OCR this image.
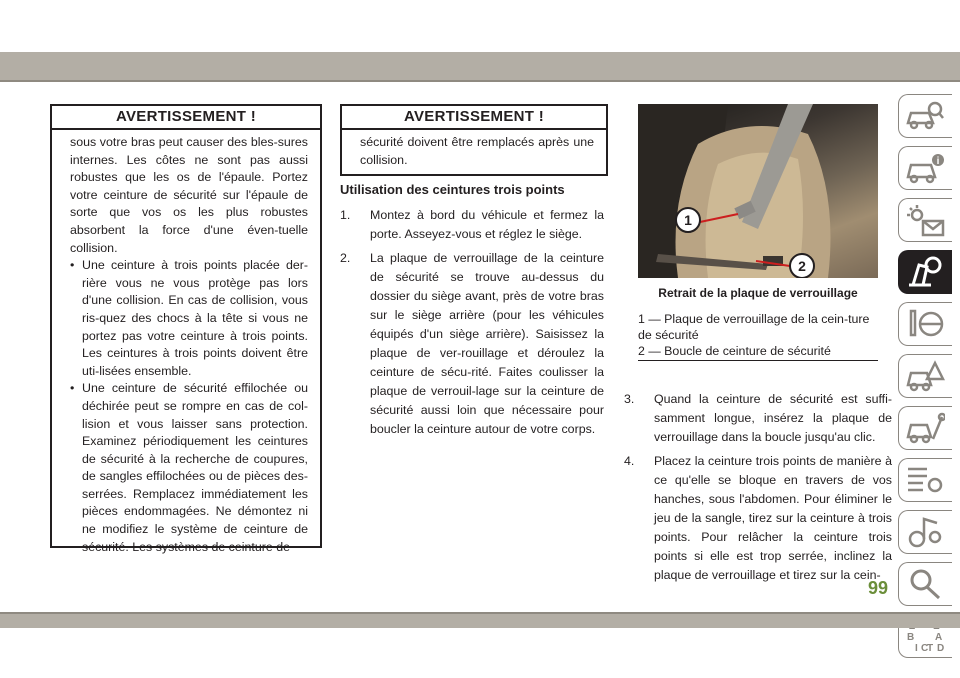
AVERTISSEMENT !

sous votre bras peut causer des bles-sures internes. Les côtes ne sont pas aussi robustes que les os de l'épaule. Portez votre ceinture de sécurité sur l'épaule de sorte que vos os les plus robustes absorbent la force d'une éven-tuelle collision.

• Une ceinture à trois points placée der-rière vous ne vous protège pas lors d'une collision. En cas de collision, vous ris-quez des chocs à la tête si vous ne portez pas votre ceinture à trois points. Les ceintures à trois points doivent être uti-lisées ensemble.
• Une ceinture de sécurité effilochée ou déchirée peut se rompre en cas de col-lision et vous laisser sans protection. Examinez périodiquement les ceintures de sécurité à la recherche de coupures, de sangles effilochées ou de pièces des-serrées. Remplacez immédiatement les pièces endommagées. Ne démontez ni ne modifiez le système de ceinture de sécurité. Les systèmes de ceinture de
AVERTISSEMENT !

sécurité doivent être remplacés après une collision.

Utilisation des ceintures trois points
1. Montez à bord du véhicule et fermez la porte. Asseyez-vous et réglez le siège.
2. La plaque de verrouillage de la ceinture de sécurité se trouve au-dessus du dossier du siège avant, près de votre bras sur le siège arrière (pour les véhicules équipés d'un siège arrière). Saisissez la plaque de ver-rouillage et déroulez la ceinture de sécu-rité. Faites coulisser la plaque de verrouil-lage sur la ceinture de sécurité aussi loin que nécessaire pour boucler la ceinture autour de votre corps.
1
2
Retrait de la plaque de verrouillage
1 — Plaque de verrouillage de la cein-ture de sécurité
2 — Boucle de ceinture de sécurité
3. Quand la ceinture de sécurité est suffi-samment longue, insérez la plaque de verrouillage dans la boucle jusqu'au clic.
4. Placez la ceinture trois points de manière à ce qu'elle se bloque en travers de vos hanches, sous l'abdomen. Pour éliminer le jeu de la sangle, tirez sur la ceinture à trois points. Pour relâcher la ceinture trois points si elle est trop serrée, inclinez la plaque de verrouillage et tirez sur la cein-
i
B A
I C
T D
99
